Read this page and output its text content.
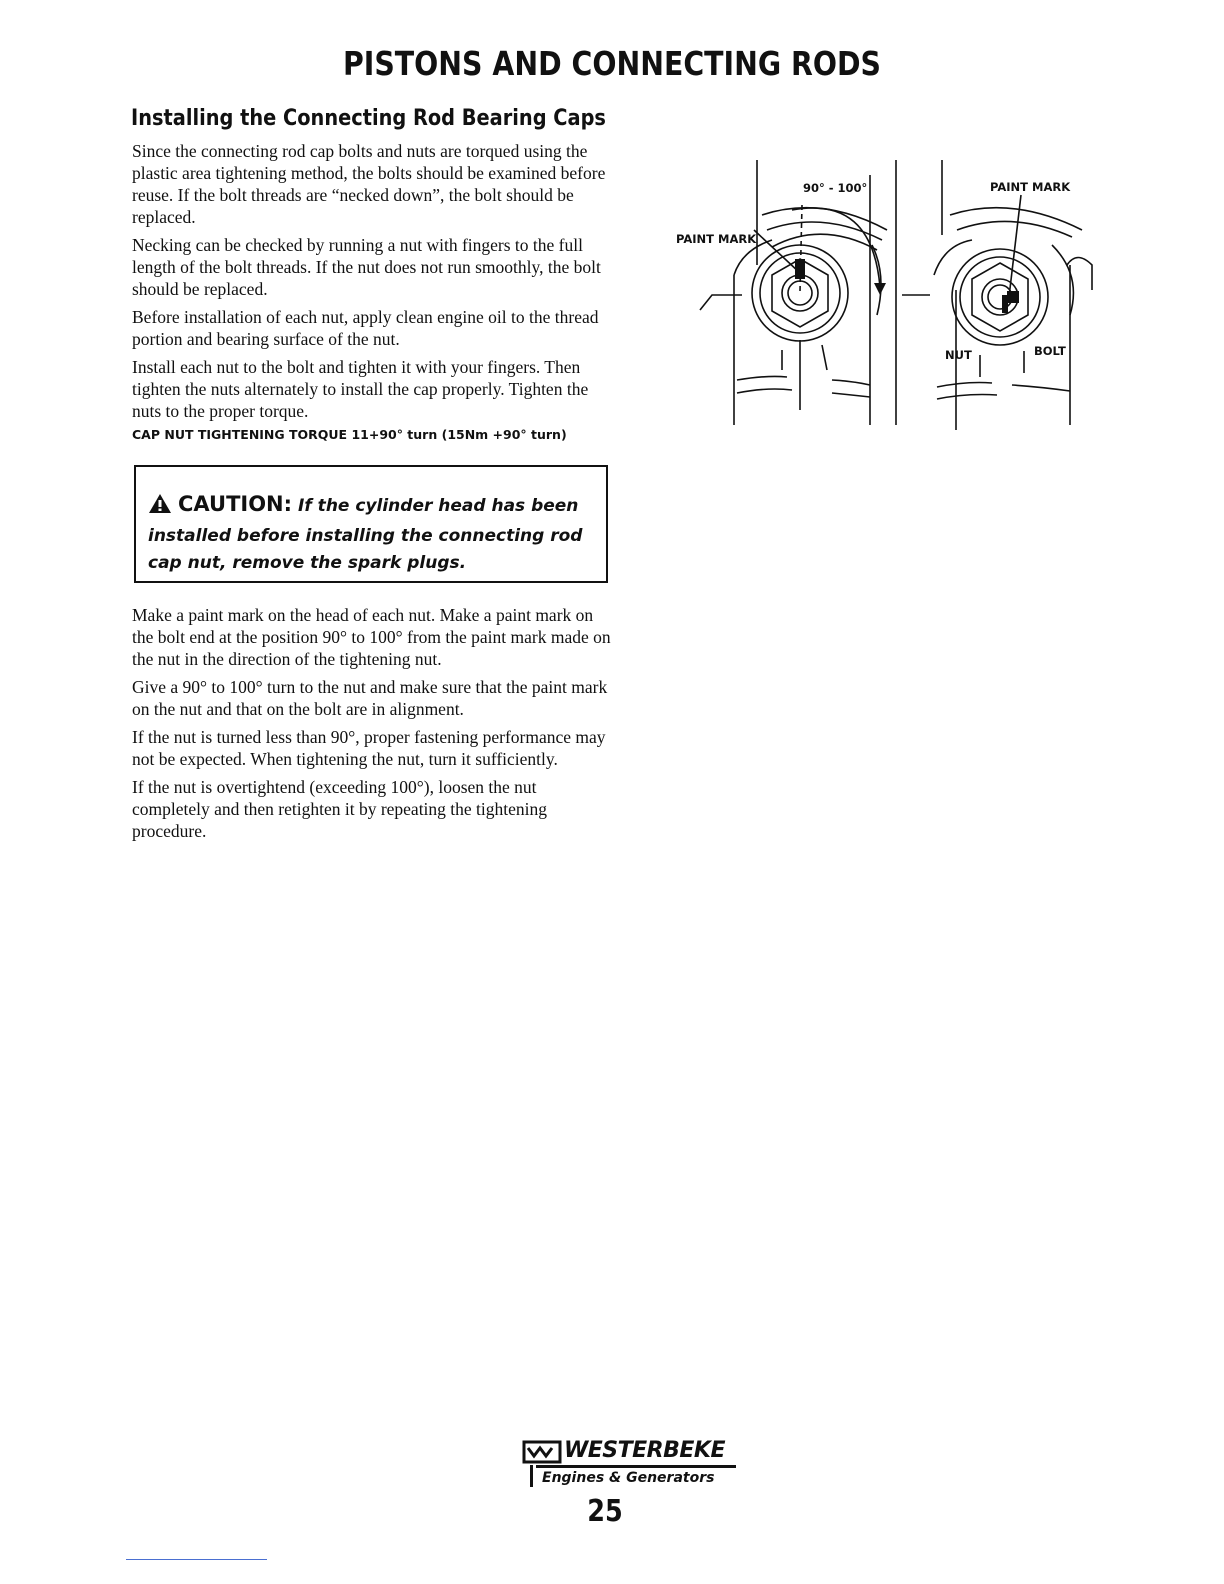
PISTONS AND CONNECTING RODS
Installing the Connecting Rod Bearing Caps

Since the connecting rod cap bolts and nuts are torqued using the plastic area tightening method, the bolts should be examined before reuse. If the bolt threads are “necked down”, the bolt should be replaced.

Necking can be checked by running a nut with fingers to the full length of the bolt threads. If the nut does not run smoothly, the bolt should be replaced.

Before installation of each nut, apply clean engine oil to the thread portion and bearing surface of the nut.

Install each nut to the bolt and tighten it with your fingers. Then tighten the nuts alternately to install the cap properly. Tighten the nuts to the proper torque.

CAP NUT TIGHTENING TORQUE 11+90° turn (15Nm +90° turn)
CAUTION: If the cylinder head has been installed before installing the connecting rod cap nut, remove the spark plugs.

Make a paint mark on the head of each nut. Make a paint mark on the bolt end at the position 90° to 100° from the paint mark made on the nut in the direction of the tightening nut.

Give a 90° to 100° turn to the nut and make sure that the paint mark on the nut and that on the bolt are in alignment.

If the nut is turned less than 90°, proper fastening performance may not be expected. When tightening the nut, turn it sufficiently.

If the nut is overtightend (exceeding 100°), loosen the nut completely and then retighten it by repeating the tightening procedure.

90° - 100°
PAINT MARK
PAINT MARK
NUT	BOLT
WESTERBEKE
Engines & Generators
25
